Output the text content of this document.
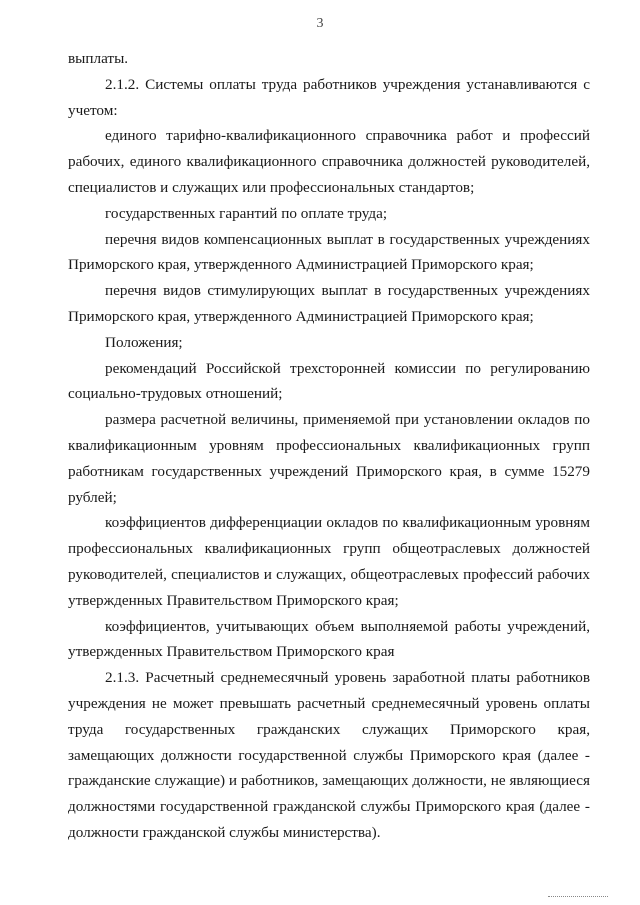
3

выплаты.

2.1.2. Системы оплаты труда работников учреждения устанавливаются с учетом:

единого тарифно-квалификационного справочника работ и профессий рабочих, единого квалификационного справочника должностей руководителей, специалистов и служащих или профессиональных стандартов;

государственных гарантий по оплате труда;

перечня видов компенсационных выплат в государственных учреждениях Приморского края, утвержденного Администрацией Приморского края;

перечня видов стимулирующих выплат в государственных учреждениях Приморского края, утвержденного Администрацией Приморского края;

Положения;

рекомендаций Российской трехсторонней комиссии по регулированию социально-трудовых отношений;

размера расчетной величины, применяемой при установлении окладов по квалификационным уровням профессиональных квалификационных групп работникам государственных учреждений Приморского края, в сумме 15279 рублей;

коэффициентов дифференциации окладов по квалификационным уровням профессиональных квалификационных групп общеотраслевых должностей руководителей, специалистов и служащих, общеотраслевых профессий рабочих утвержденных Правительством Приморского края;

коэффициентов, учитывающих объем выполняемой работы учреждений, утвержденных Правительством Приморского края

2.1.3. Расчетный среднемесячный уровень заработной платы работников учреждения не может превышать расчетный среднемесячный уровень оплаты труда государственных гражданских служащих Приморского края, замещающих должности государственной службы Приморского края (далее - гражданские служащие) и работников, замещающих должности, не являющиеся должностями государственной гражданской службы Приморского края (далее - должности гражданской службы министерства).
